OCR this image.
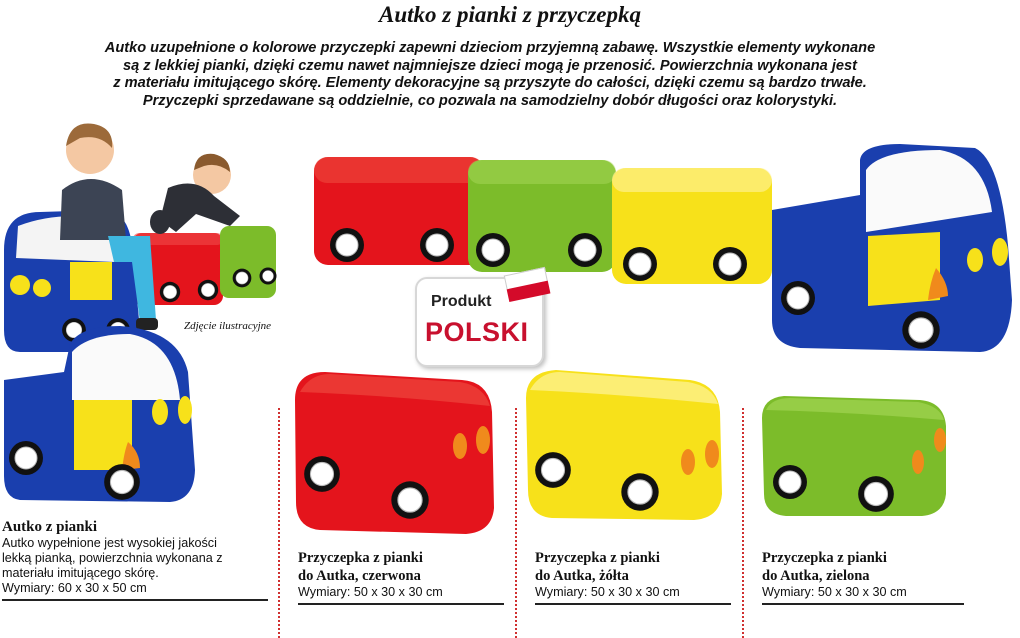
Autko z pianki z przyczepką
Autko uzupełnione o kolorowe przyczepki zapewni dzieciom przyjemną zabawę. Wszystkie elementy wykonane
są z lekkiej pianki, dzięki czemu nawet najmniejsze dzieci mogą je przenosić. Powierzchnia wykonana jest
z materiału imitującego skórę. Elementy dekoracyjne są przyszyte do całości, dzięki czemu są bardzo trwałe.
Przyczepki sprzedawane są oddzielnie, co pozwala na samodzielny dobór długości oraz kolorystyki.
Zdjęcie ilustracyjne
Produkt
POLSKI
Autko z pianki
Autko wypełnione jest wysokiej jakości
lekką pianką, powierzchnia wykonana z
materiału imitującego skórę.
Wymiary: 60 x 30 x 50 cm
Przyczepka z pianki
do Autka, czerwona
Wymiary: 50 x 30 x 30 cm
Przyczepka z pianki
do Autka, żółta
Wymiary: 50 x 30 x 30 cm
Przyczepka z pianki
do Autka, zielona
Wymiary: 50 x 30 x 30 cm
